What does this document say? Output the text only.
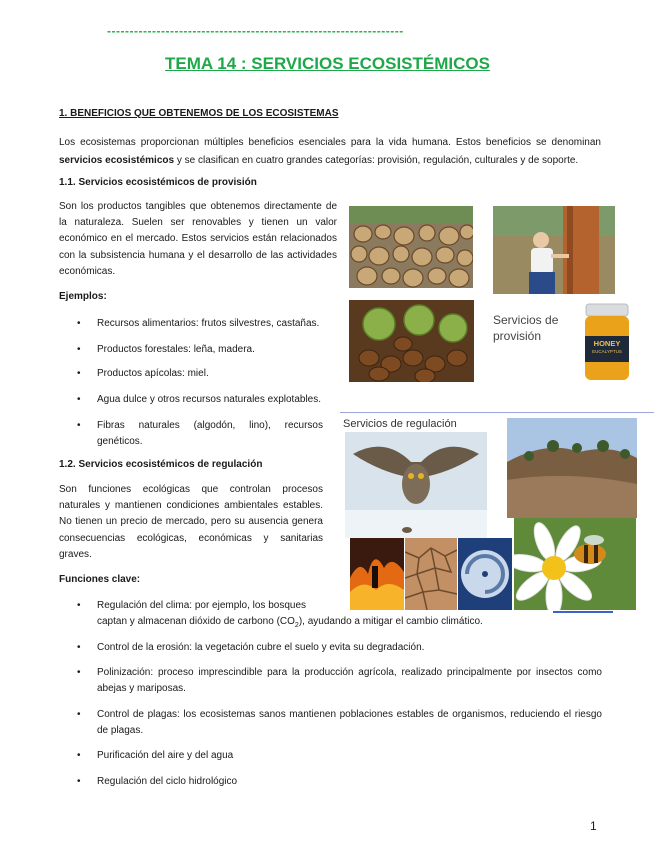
------------------------------------------------------------------
TEMA 14 : SERVICIOS ECOSISTÉMICOS
1. BENEFICIOS QUE OBTENEMOS DE LOS ECOSISTEMAS
Los ecosistemas proporcionan múltiples beneficios esenciales para la vida humana. Estos beneficios se denominan servicios ecosistémicos y se clasifican en cuatro grandes categorías: provisión, regulación, culturales y de soporte.
1.1. Servicios ecosistémicos de provisión
Son los productos tangibles que obtenemos directamente de la naturaleza. Suelen ser renovables y tienen un valor económico en el mercado. Estos servicios están relacionados con la subsistencia humana y el desarrollo de las actividades económicas.
Ejemplos:
• Recursos alimentarios: frutos silvestres, castañas.
• Productos forestales: leña, madera.
• Productos apícolas: miel.
• Agua dulce y otros recursos naturales explotables.
• Fibras naturales (algodón, lino), recursos genéticos.
1.2. Servicios ecosistémicos de regulación
Son funciones ecológicas que controlan procesos naturales y mantienen condiciones ambientales estables. No tienen un precio de mercado, pero su ausencia genera consecuencias ecológicas, económicas y sanitarias graves.
Funciones clave:
• Regulación del clima: por ejemplo, los bosques
captan y almacenan dióxido de carbono $(CO_2)$, ayudando a mitigar el cambio climático.
• Control de la erosión: la vegetación cubre el suelo y evita su degradación.
• Polinización: proceso imprescindible para la producción agrícola, realizado principalmente por insectos como abejas y mariposas.
• Control de plagas: los ecosistemas sanos mantienen poblaciones estables de organismos, reduciendo el riesgo de plagas.
• Purificación del aire y del agua
• Regulación del ciclo hidrológico
Servicios de
provisión
HONEY
EUCALYPTUS
Servicios de regulación
1
